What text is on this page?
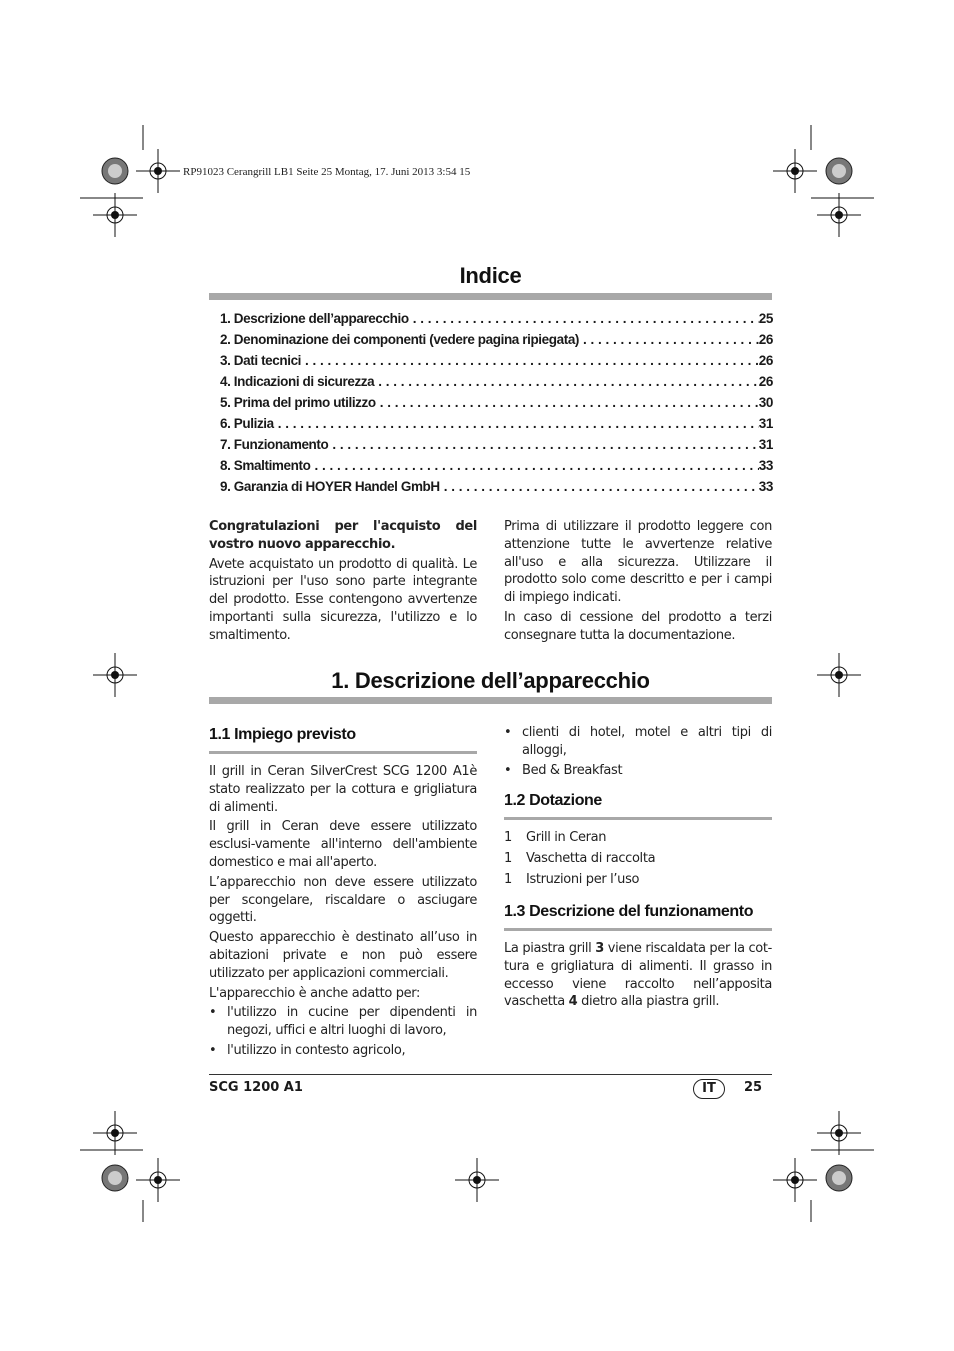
RP91023 Cerangrill LB1 Seite 25 Montag, 17. Juni 2013 3:54 15
Indice
1. Descrizione dell’apparecchio . . .	25
2. Denominazione dei componenti (vedere pagina ripiegata) . . .	26
3. Dati tecnici . . .	26
4. Indicazioni di sicurezza . . .	26
5. Prima del primo utilizzo . . .	30
6. Pulizia . . .	31
7. Funzionamento . . .	31
8. Smaltimento . . .	33
9. Garanzia di HOYER Handel GmbH . . .	33

Congratulazioni per l'acquisto del vostro nuovo apparecchio.

Avete acquistato un prodotto di qualità. Le istruzioni per l'uso sono parte integrante del prodotto. Esse contengono avvertenze importanti sulla sicurezza, l'utilizzo e lo smaltimento.

Prima di utilizzare il prodotto leggere con attenzione tutte le avvertenze relative all'uso e alla sicurezza. Utilizzare il prodotto solo come descritto e per i campi di impiego indicati.

In caso di cessione del prodotto a terzi consegnare tutta la documentazione.

1. Descrizione dell’apparecchio
1.1 Impiego previsto

Il grill in Ceran SilverCrest SCG 1200 A1è stato realizzato per la cottura e grigliatura di alimenti.

Il grill in Ceran deve essere utilizzato esclusi-vamente all'interno dell'ambiente domestico e mai all'aperto.

L’apparecchio non deve essere utilizzato per scongelare, riscaldare o asciugare oggetti.

Questo apparecchio è destinato all’uso in abitazioni private e non può essere utilizzato per applicazioni commerciali.

L'apparecchio è anche adatto per:

• l'utilizzo in cucine per dipendenti in negozi, uffici e altri luoghi di lavoro,
• l'utilizzo in contesto agricolo,
• clienti di hotel, motel e altri tipi di alloggi,
• Bed & Breakfast
1.2 Dotazione
1	Grill in Ceran
1	Vaschetta di raccolta
1	Istruzioni per l’uso
1.3 Descrizione del funzionamento

La piastra grill 3 viene riscaldata per la cot-tura e grigliatura di alimenti. Il grasso in eccesso viene raccolto nell’apposita vaschetta 4 dietro alla piastra grill.

SCG 1200 A1	IT	25
